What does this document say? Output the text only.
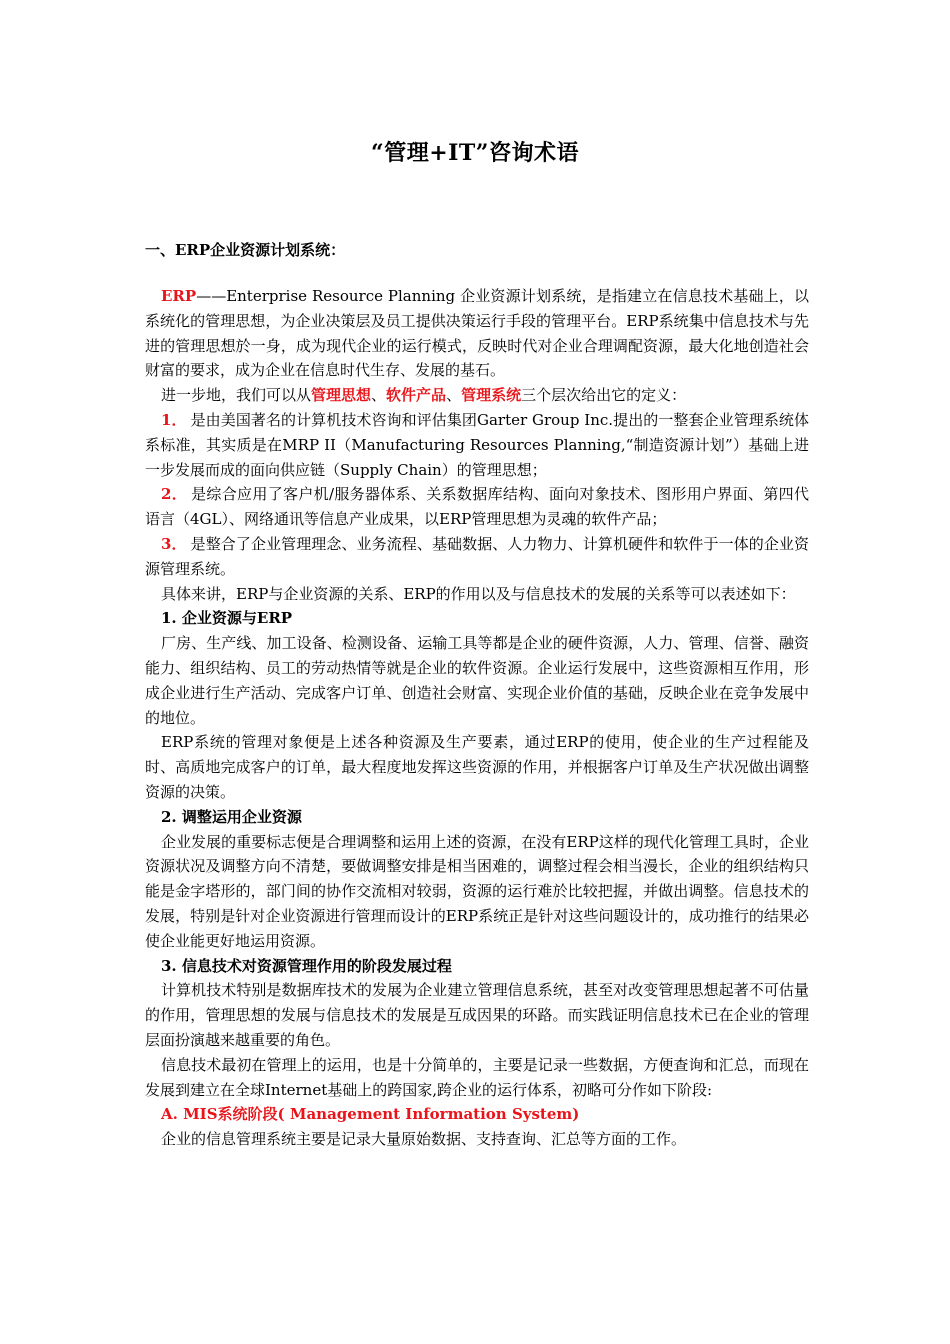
“管理+IT”咨询术语
一、ERP企业资源计划系统：

ERP——Enterprise Resource Planning 企业资源计划系统，是指建立在信息技术基础上，以系统化的管理思想，为企业决策层及员工提供决策运行手段的管理平台。ERP系统集中信息技术与先进的管理思想於一身，成为现代企业的运行模式，反映时代对企业合理调配资源，最大化地创造社会财富的要求，成为企业在信息时代生存、发展的基石。

进一步地，我们可以从管理思想、软件产品、管理系统三个层次给出它的定义：

1． 是由美国著名的计算机技术咨询和评估集团Garter Group Inc.提出的一整套企业管理系统体系标准，其实质是在MRP II（Manufacturing Resources Planning,“制造资源计划”）基础上进一步发展而成的面向供应链（Supply Chain）的管理思想；

2． 是综合应用了客户机/服务器体系、关系数据库结构、面向对象技术、图形用户界面、第四代语言（4GL）、网络通讯等信息产业成果，以ERP管理思想为灵魂的软件产品；

3． 是整合了企业管理理念、业务流程、基础数据、人力物力、计算机硬件和软件于一体的企业资源管理系统。

具体来讲，ERP与企业资源的关系、ERP的作用以及与信息技术的发展的关系等可以表述如下：

1. 企业资源与ERP

厂房、生产线、加工设备、检测设备、运输工具等都是企业的硬件资源，人力、管理、信誉、融资能力、组织结构、员工的劳动热情等就是企业的软件资源。企业运行发展中，这些资源相互作用，形成企业进行生产活动、完成客户订单、创造社会财富、实现企业价值的基础，反映企业在竞争发展中的地位。

ERP系统的管理对象便是上述各种资源及生产要素，通过ERP的使用，使企业的生产过程能及时、高质地完成客户的订单，最大程度地发挥这些资源的作用，并根据客户订单及生产状况做出调整资源的决策。

2. 调整运用企业资源

企业发展的重要标志便是合理调整和运用上述的资源，在没有ERP这样的现代化管理工具时，企业资源状况及调整方向不清楚，要做调整安排是相当困难的，调整过程会相当漫长，企业的组织结构只能是金字塔形的，部门间的协作交流相对较弱，资源的运行难於比较把握，并做出调整。信息技术的发展，特别是针对企业资源进行管理而设计的ERP系统正是针对这些问题设计的，成功推行的结果必使企业能更好地运用资源。

3. 信息技术对资源管理作用的阶段发展过程

计算机技术特别是数据库技术的发展为企业建立管理信息系统，甚至对改变管理思想起著不可估量的作用，管理思想的发展与信息技术的发展是互成因果的环路。而实践证明信息技术已在企业的管理层面扮演越来越重要的角色。

信息技术最初在管理上的运用，也是十分简单的，主要是记录一些数据，方便查询和汇总，而现在发展到建立在全球Internet基础上的跨国家,跨企业的运行体系，初略可分作如下阶段:

A. MIS系统阶段( Management Information System)

企业的信息管理系统主要是记录大量原始数据、支持查询、汇总等方面的工作。
